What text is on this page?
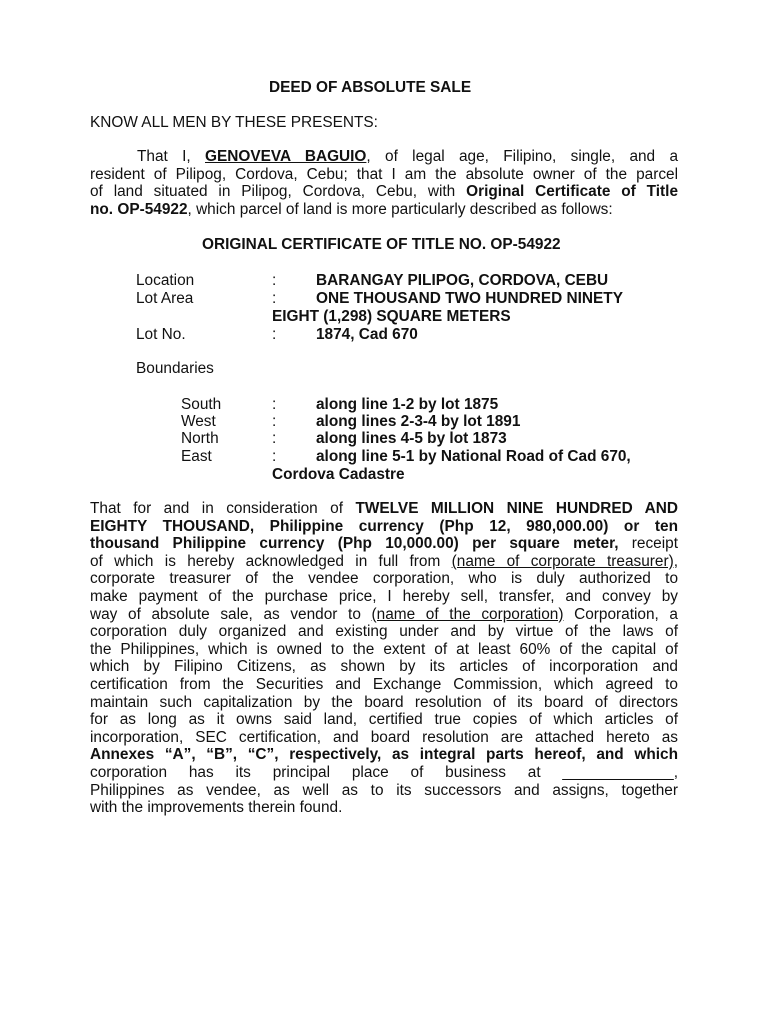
DEED OF ABSOLUTE SALE
KNOW ALL MEN BY THESE PRESENTS:
That I, GENOVEVA BAGUIO, of legal age, Filipino, single, and a
resident of Pilipog, Cordova, Cebu; that I am the absolute owner of the parcel
of land situated in Pilipog, Cordova, Cebu, with Original Certificate of Title
no. OP-54922, which parcel of land is more particularly described as follows:
ORIGINAL CERTIFICATE OF TITLE NO. OP-54922
Location	:	BARANGAY PILIPOG, CORDOVA, CEBU
Lot Area	:	ONE THOUSAND TWO HUNDRED NINETY
EIGHT (1,298) SQUARE METERS
Lot No.	:	1874, Cad 670
Boundaries
South	:	along line 1-2 by lot 1875
West	:	along lines 2-3-4 by lot 1891
North	:	along lines 4-5 by lot 1873
East	:	along line 5-1 by National Road of Cad 670,
Cordova Cadastre
That for and in consideration of TWELVE MILLION NINE HUNDRED AND
EIGHTY THOUSAND, Philippine currency (Php 12, 980,000.00) or ten
thousand Philippine currency (Php 10,000.00) per square meter, receipt
of which is hereby acknowledged in full from (name of corporate treasurer),
corporate treasurer of the vendee corporation, who is duly authorized to
make payment of the purchase price, I hereby sell, transfer, and convey by
way of absolute sale, as vendor to (name of the corporation) Corporation, a
corporation duly organized and existing under and by virtue of the laws of
the Philippines, which is owned to the extent of at least 60% of the capital of
which by Filipino Citizens, as shown by its articles of incorporation and
certification from the Securities and Exchange Commission, which agreed to
maintain such capitalization by the board resolution of its board of directors
for as long as it owns said land, certified true copies of which articles of
incorporation, SEC certification, and board resolution are attached hereto as
Annexes “A”, “B”, “C”, respectively, as integral parts hereof, and which
corporation has its principal place of business at _____________,
Philippines as vendee, as well as to its successors and assigns, together
with the improvements therein found.
